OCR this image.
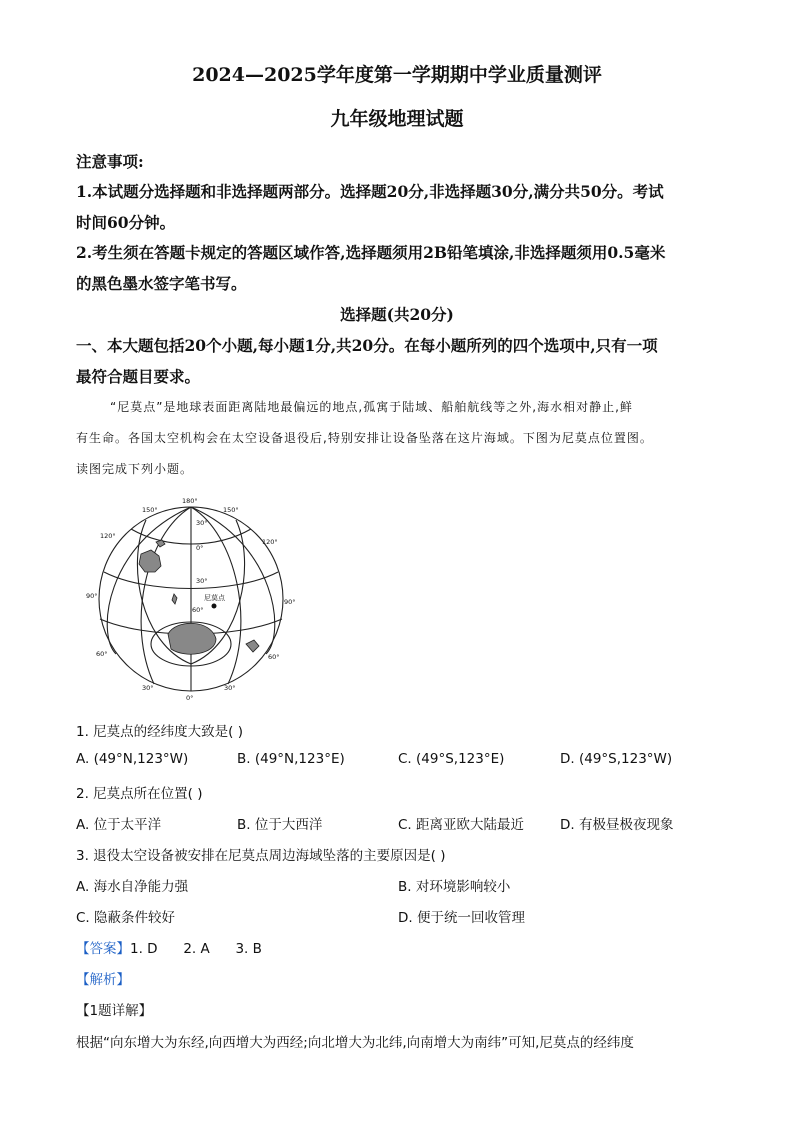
2024—2025学年度第一学期期中学业质量测评
九年级地理试题
注意事项:
1.本试题分选择题和非选择题两部分。选择题20分,非选择题30分,满分共50分。考试
时间60分钟。
2.考生须在答题卡规定的答题区域作答,选择题须用2B铅笔填涂,非选择题须用0.5毫米
的黑色墨水签字笔书写。
选择题(共20分)
一、本大题包括20个小题,每小题1分,共20分。在每小题所列的四个选项中,只有一项
最符合题目要求。
“尼莫点”是地球表面距离陆地最偏远的地点,孤寓于陆域、船舶航线等之外,海水相对静止,鲜
有生命。各国太空机构会在太空设备退役后,特别安排让设备坠落在这片海域。下图为尼莫点位置图。
读图完成下列小题。
尼莫点
180°
150°	150°
120°
120°
90°
90°
60°	60°
30°	30°
0°
30°
0°
30°
60°
1. 尼莫点的经纬度大致是( )
A. (49°N,123°W)	B. (49°N,123°E)	C. (49°S,123°E)	D. (49°S,123°W)
2. 尼莫点所在位置( )
A. 位于太平洋	B. 位于大西洋	C. 距离亚欧大陆最近	D. 有极昼极夜现象
3. 退役太空设备被安排在尼莫点周边海域坠落的主要原因是( )
A. 海水自净能力强	B. 对环境影响较小
C. 隐蔽条件较好	D. 便于统一回收管理
【答案】1. D      2. A      3. B
【解析】
【1题详解】
根据“向东增大为东经,向西增大为西经;向北增大为北纬,向南增大为南纬”可知,尼莫点的经纬度
